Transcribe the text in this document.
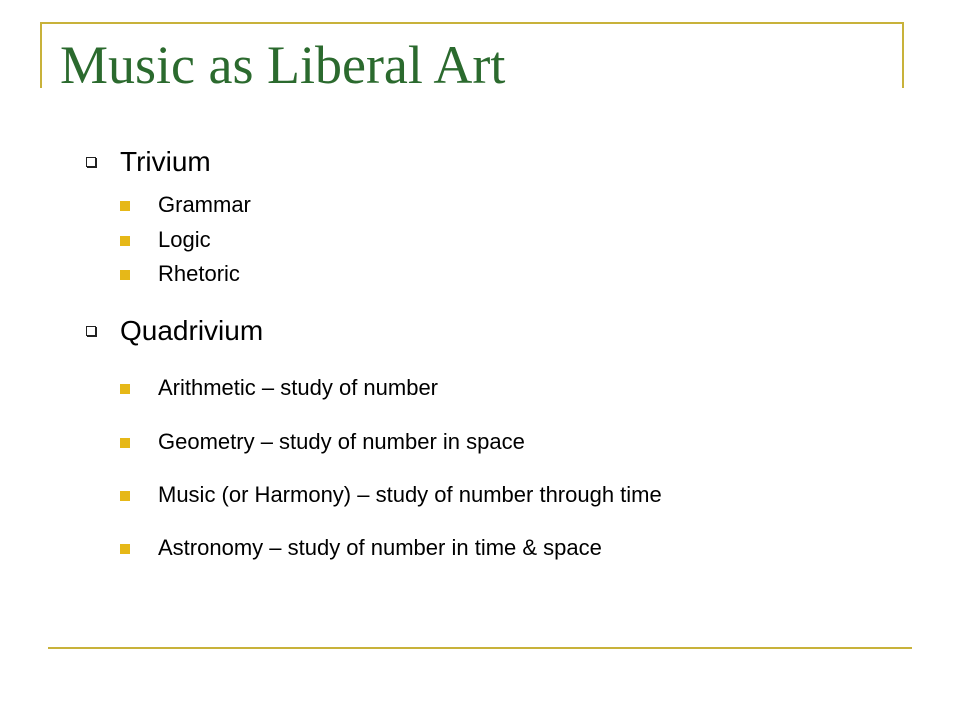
Music as Liberal Art
Trivium
Grammar
Logic
Rhetoric
Quadrivium
Arithmetic – study of number
Geometry – study of number in space
Music (or Harmony) – study of number through time
Astronomy – study of number in time & space
